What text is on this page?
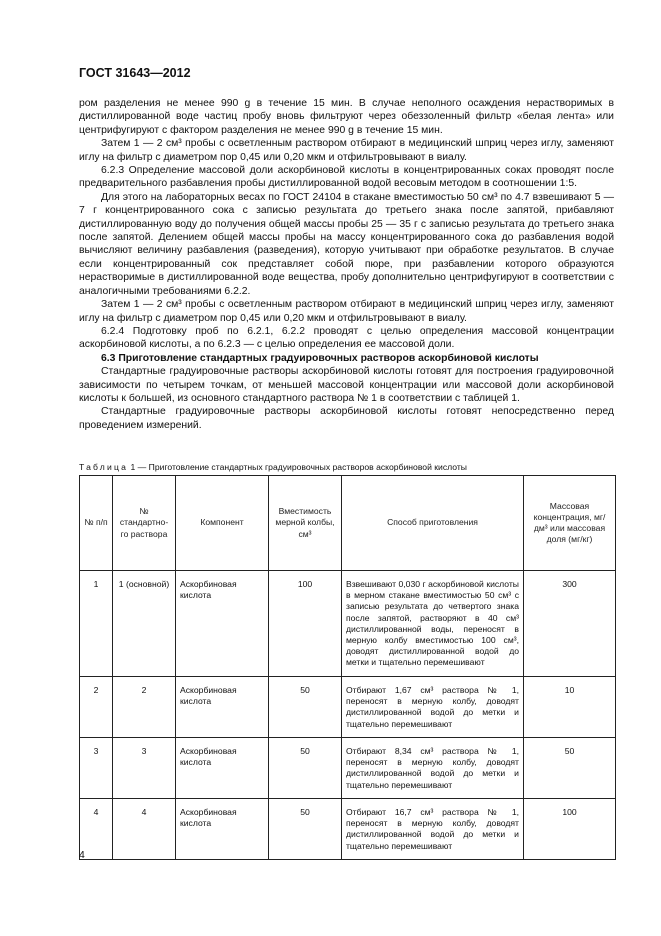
ГОСТ 31643—2012

ром разделения не менее 990 g в течение 15 мин. В случае неполного осаждения нерастворимых в дистиллированной воде частиц пробу вновь фильтруют через обеззоленный фильтр «белая лента» или центрифугируют с фактором разделения не менее 990 g в течение 15 мин.

Затем 1 — 2 см³ пробы с осветленным раствором отбирают в медицинский шприц через иглу, заменяют иглу на фильтр с диаметром пор 0,45 или 0,20 мкм и отфильтровывают в виалу.

6.2.3 Определение массовой доли аскорбиновой кислоты в концентрированных соках проводят после предварительного разбавления пробы дистиллированной водой весовым методом в соотношении 1:5.

Для этого на лабораторных весах по ГОСТ 24104 в стакане вместимостью 50 см³ по 4.7 взвешивают 5 — 7 г концентрированного сока с записью результата до третьего знака после запятой, прибавляют дистиллированную воду до получения общей массы пробы 25 — 35 г с записью результата до третьего знака после запятой. Делением общей массы пробы на массу концентрированного сока до разбавления водой вычисляют величину разбавления (разведения), которую учитывают при обработке результатов. В случае если концентрированный сок представляет собой пюре, при разбавлении которого образуются нерастворимые в дистиллированной воде вещества, пробу дополнительно центрифугируют в соответствии с аналогичными требованиями 6.2.2.

Затем 1 — 2 см³ пробы с осветленным раствором отбирают в медицинский шприц через иглу, заменяют иглу на фильтр с диаметром пор 0,45 или 0,20 мкм и отфильтровывают в виалу.

6.2.4 Подготовку проб по 6.2.1, 6.2.2 проводят с целью определения массовой концентрации аскорбиновой кислоты, а по 6.2.3 — с целью определения ее массовой доли.

6.3 Приготовление стандартных градуировочных растворов аскорбиновой кислоты

Стандартные градуировочные растворы аскорбиновой кислоты готовят для построения градуировочной зависимости по четырем точкам, от меньшей массовой концентрации или массовой доли аскорбиновой кислоты к большей, из основного стандартного раствора № 1 в соответствии с таблицей 1.

Стандартные градуировочные растворы аскорбиновой кислоты готовят непосредственно перед проведением измерений.

Таблица 1 — Приготовление стандартных градуировочных растворов аскорбиновой кислоты
№ п/п	№ стандартно-го раствора	Компонент	Вместимость мерной колбы, см³	Способ приготовления	Массовая концентрация, мг/дм³ или массовая доля (мг/кг)
1	1 (основной)	Аскорбиновая кислота	100	Взвешивают 0,030 г аскорбиновой кислоты в мерном стакане вместимостью 50 см³ с записью результата до четвертого знака после запятой, растворяют в 40 см³ дистиллированной воды, переносят в мерную колбу вместимостью 100 см³, доводят дистиллированной водой до метки и тщательно перемешивают	300
2	2	Аскорбиновая кислота	50	Отбирают 1,67 см³ раствора № 1, переносят в мерную колбу, доводят дистиллированной водой до метки и тщательно перемешивают	10
3	3	Аскорбиновая кислота	50	Отбирают 8,34 см³ раствора № 1, переносят в мерную колбу, доводят дистиллированной водой до метки и тщательно перемешивают	50
4	4	Аскорбиновая кислота	50	Отбирают 16,7 см³ раствора № 1, переносят в мерную колбу, доводят дистиллированной водой до метки и тщательно перемешивают	100
4
